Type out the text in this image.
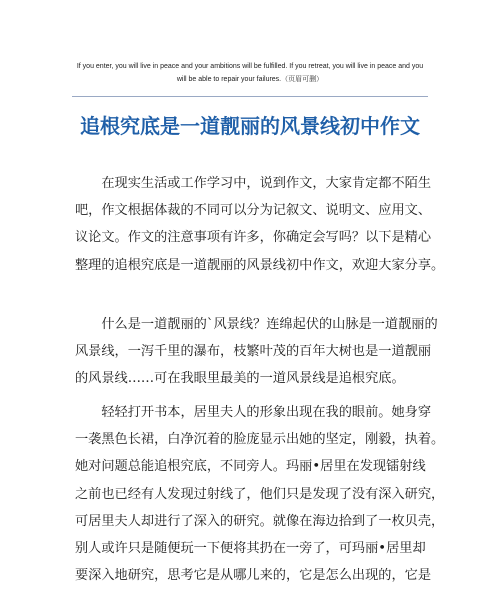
If you enter, you will live in peace and your ambitions will be fulfilled. If you retreat, you will live in peace and you
will be able to repair your failures.（页眉可删）
追根究底是一道靓丽的风景线初中作文
　　在现实生活或工作学习中，说到作文，大家肯定都不陌生
吧，作文根据体裁的不同可以分为记叙文、说明文、应用文、
议论文。作文的注意事项有许多，你确定会写吗？以下是精心
整理的追根究底是一道靓丽的风景线初中作文，欢迎大家分享。
　　什么是一道靓丽的`风景线？连绵起伏的山脉是一道靓丽的
风景线，一泻千里的瀑布，枝繁叶茂的百年大树也是一道靓丽
的风景线……可在我眼里最美的一道风景线是追根究底。
　　轻轻打开书本，居里夫人的形象出现在我的眼前。她身穿
一袭黑色长裙，白净沉着的脸庞显示出她的坚定，刚毅，执着。
她对问题总能追根究底，不同旁人。玛丽•居里在发现镭射线
之前也已经有人发现过射线了，他们只是发现了没有深入研究，
可居里夫人却进行了深入的研究。就像在海边拾到了一枚贝壳，
别人或许只是随便玩一下便将其扔在一旁了，可玛丽•居里却
要深入地研究，思考它是从哪儿来的，它是怎么出现的，它是
